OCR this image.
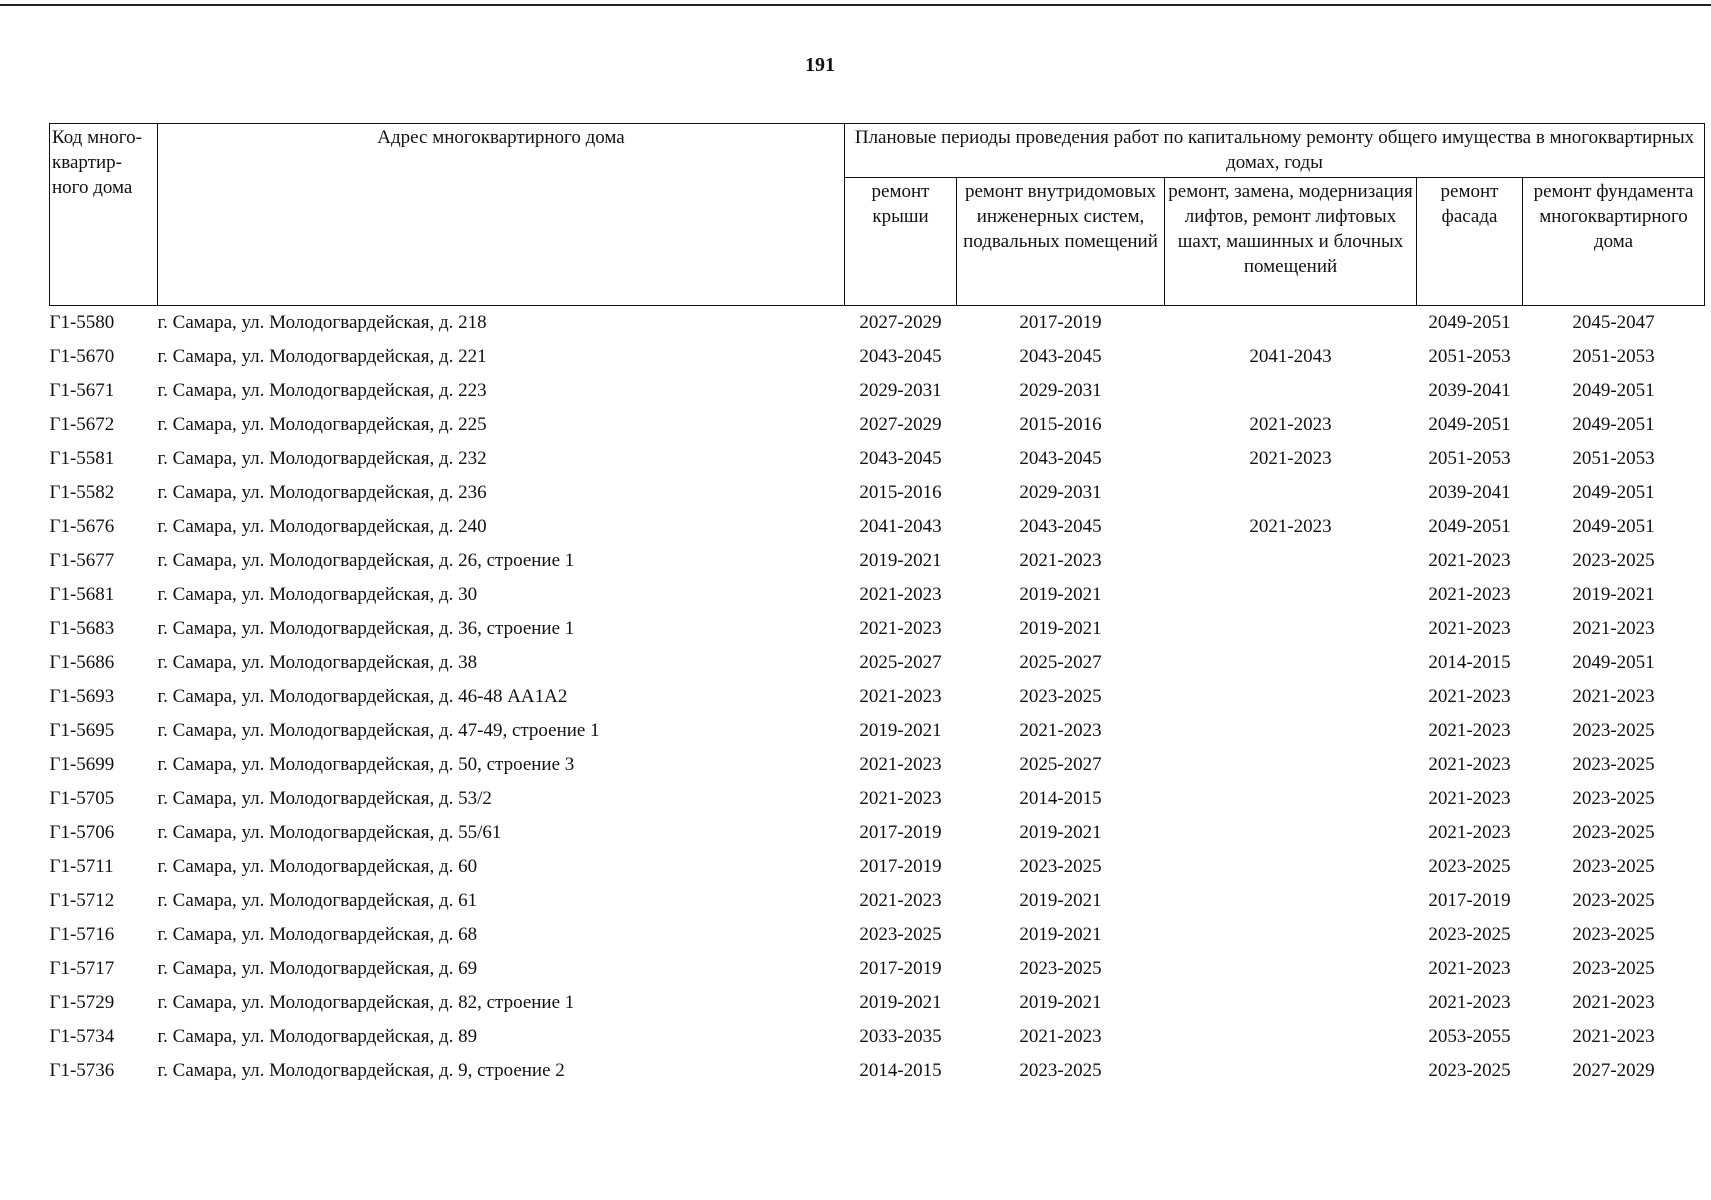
191
Код много-квартир-ного дома	Адрес многоквартирного дома	Плановые периоды проведения работ по капитальному ремонту общего имущества в многоквартирных домах, годы				
		ремонт крыши	ремонт внутридомовых инженерных систем, подвальных помещений	ремонт, замена, модернизация лифтов, ремонт лифтовых шахт, машинных и блочных помещений	ремонт фасада	ремонт фундамента многоквартирного дома
Г1-5580	г. Самара, ул. Молодогвардейская, д. 218	2027-2029	2017-2019		2049-2051	2045-2047
Г1-5670	г. Самара, ул. Молодогвардейская, д. 221	2043-2045	2043-2045	2041-2043	2051-2053	2051-2053
Г1-5671	г. Самара, ул. Молодогвардейская, д. 223	2029-2031	2029-2031		2039-2041	2049-2051
Г1-5672	г. Самара, ул. Молодогвардейская, д. 225	2027-2029	2015-2016	2021-2023	2049-2051	2049-2051
Г1-5581	г. Самара, ул. Молодогвардейская, д. 232	2043-2045	2043-2045	2021-2023	2051-2053	2051-2053
Г1-5582	г. Самара, ул. Молодогвардейская, д. 236	2015-2016	2029-2031		2039-2041	2049-2051
Г1-5676	г. Самара, ул. Молодогвардейская, д. 240	2041-2043	2043-2045	2021-2023	2049-2051	2049-2051
Г1-5677	г. Самара, ул. Молодогвардейская, д. 26, строение 1	2019-2021	2021-2023		2021-2023	2023-2025
Г1-5681	г. Самара, ул. Молодогвардейская, д. 30	2021-2023	2019-2021		2021-2023	2019-2021
Г1-5683	г. Самара, ул. Молодогвардейская, д. 36, строение 1	2021-2023	2019-2021		2021-2023	2021-2023
Г1-5686	г. Самара, ул. Молодогвардейская, д. 38	2025-2027	2025-2027		2014-2015	2049-2051
Г1-5693	г. Самара, ул. Молодогвардейская, д. 46-48 АА1А2	2021-2023	2023-2025		2021-2023	2021-2023
Г1-5695	г. Самара, ул. Молодогвардейская, д. 47-49, строение 1	2019-2021	2021-2023		2021-2023	2023-2025
Г1-5699	г. Самара, ул. Молодогвардейская, д. 50, строение 3	2021-2023	2025-2027		2021-2023	2023-2025
Г1-5705	г. Самара, ул. Молодогвардейская, д. 53/2	2021-2023	2014-2015		2021-2023	2023-2025
Г1-5706	г. Самара, ул. Молодогвардейская, д. 55/61	2017-2019	2019-2021		2021-2023	2023-2025
Г1-5711	г. Самара, ул. Молодогвардейская, д. 60	2017-2019	2023-2025		2023-2025	2023-2025
Г1-5712	г. Самара, ул. Молодогвардейская, д. 61	2021-2023	2019-2021		2017-2019	2023-2025
Г1-5716	г. Самара, ул. Молодогвардейская, д. 68	2023-2025	2019-2021		2023-2025	2023-2025
Г1-5717	г. Самара, ул. Молодогвардейская, д. 69	2017-2019	2023-2025		2021-2023	2023-2025
Г1-5729	г. Самара, ул. Молодогвардейская, д. 82, строение 1	2019-2021	2019-2021		2021-2023	2021-2023
Г1-5734	г. Самара, ул. Молодогвардейская, д. 89	2033-2035	2021-2023		2053-2055	2021-2023
Г1-5736	г. Самара, ул. Молодогвардейская, д. 9, строение 2	2014-2015	2023-2025		2023-2025	2027-2029
